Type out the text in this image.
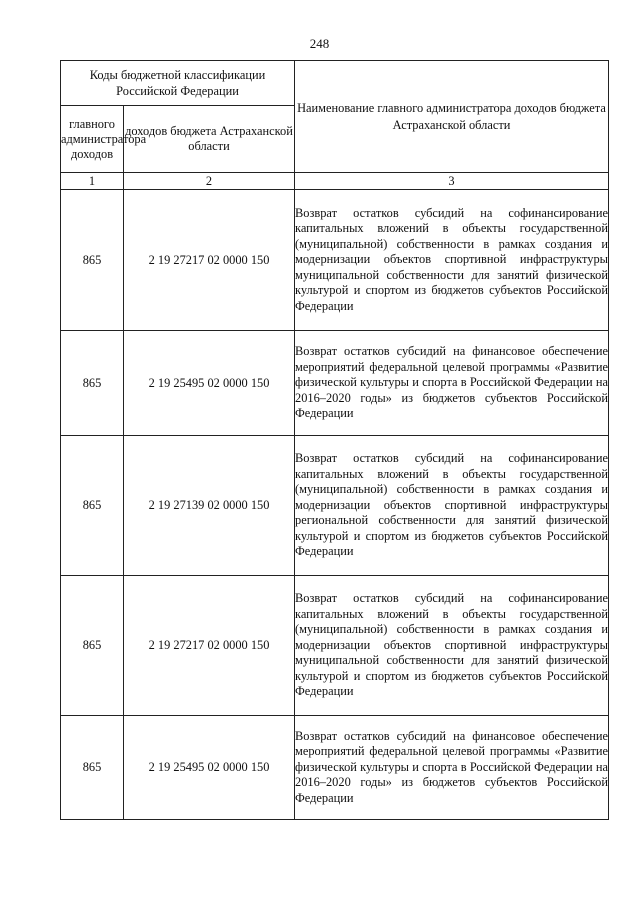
248
Коды бюджетной классификации Российской Федерации		Наименование главного администратора доходов бюджета Астраханской области
главного администратора доходов	доходов бюджета Астраханской области	
1	2	3
865	2 19 27217 02 0000 150	Возврат остатков субсидий на софинансирование капитальных вложений в объекты государственной (муниципальной) собственности в рамках создания и модернизации объектов спортивной инфраструктуры муниципальной собственности для занятий физической культурой и спортом из бюджетов субъектов Российской Федерации
865	2 19 25495 02 0000 150	Возврат остатков субсидий на финансовое обеспечение мероприятий федеральной целевой программы «Развитие физической культуры и спорта в Российской Федерации на 2016–2020 годы» из бюджетов субъектов Российской Федерации
865	2 19 27139 02 0000 150	Возврат остатков субсидий на софинансирование капитальных вложений в объекты государственной (муниципальной) собственности в рамках создания и модернизации объектов спортивной инфраструктуры региональной собственности для занятий физической культурой и спортом из бюджетов субъектов Российской Федерации
865	2 19 27217 02 0000 150	Возврат остатков субсидий на софинансирование капитальных вложений в объекты государственной (муниципальной) собственности в рамках создания и модернизации объектов спортивной инфраструктуры муниципальной собственности для занятий физической культурой и спортом из бюджетов субъектов Российской Федерации
865	2 19 25495 02 0000 150	Возврат остатков субсидий на финансовое обеспечение мероприятий федеральной целевой программы «Развитие физической культуры и спорта в Российской Федерации на 2016–2020 годы» из бюджетов субъектов Российской Федерации
